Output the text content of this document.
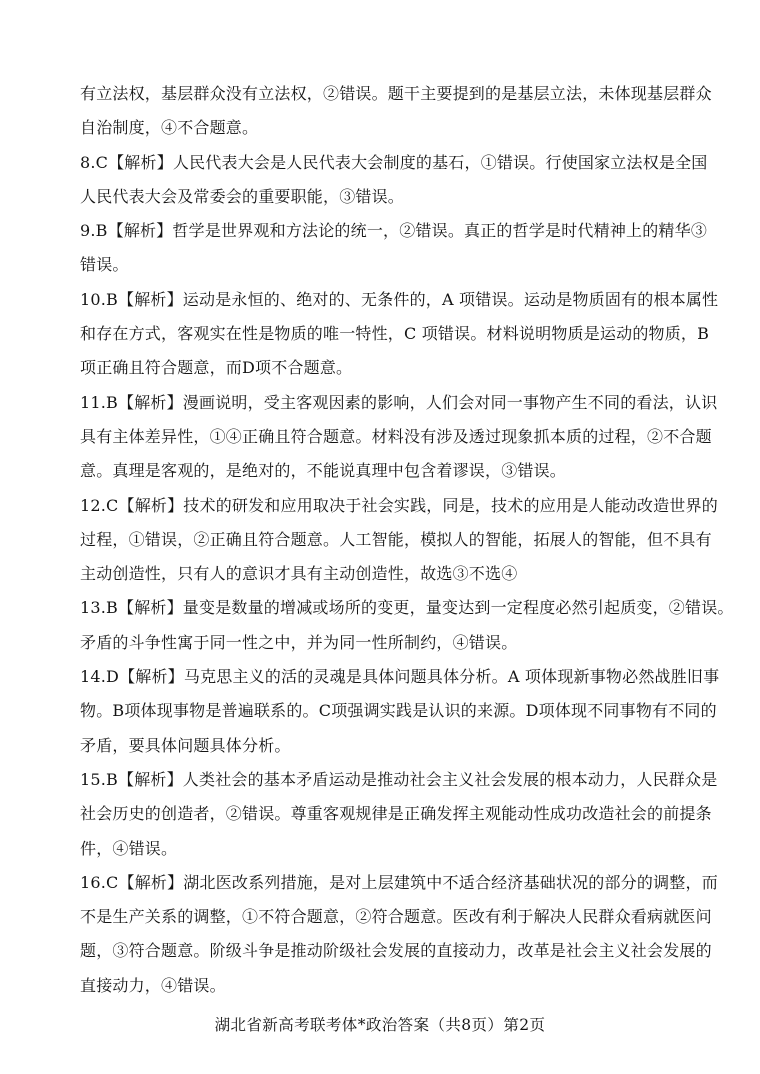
有立法权，基层群众没有立法权，②错误。题干主要提到的是基层立法，未体现基层群众
自治制度，④不合题意。
8.C【解析】人民代表大会是人民代表大会制度的基石，①错误。行使国家立法权是全国
人民代表大会及常委会的重要职能，③错误。
9.B【解析】哲学是世界观和方法论的统一，②错误。真正的哲学是时代精神上的精华③
错误。
10.B【解析】运动是永恒的、绝对的、无条件的，A 项错误。运动是物质固有的根本属性
和存在方式，客观实在性是物质的唯一特性，C 项错误。材料说明物质是运动的物质，B
项正确且符合题意，而D项不合题意。
11.B【解析】漫画说明，受主客观因素的影响，人们会对同一事物产生不同的看法，认识
具有主体差异性，①④正确且符合题意。材料没有涉及透过现象抓本质的过程，②不合题
意。真理是客观的，是绝对的，不能说真理中包含着谬误，③错误。
12.C【解析】技术的研发和应用取决于社会实践，同是，技术的应用是人能动改造世界的
过程，①错误，②正确且符合题意。人工智能，模拟人的智能，拓展人的智能，但不具有
主动创造性，只有人的意识才具有主动创造性，故选③不选④
13.B【解析】量变是数量的增减或场所的变更，量变达到一定程度必然引起质变，②错误。
矛盾的斗争性寓于同一性之中，并为同一性所制约，④错误。
14.D【解析】马克思主义的活的灵魂是具体问题具体分析。A 项体现新事物必然战胜旧事
物。B项体现事物是普遍联系的。C项强调实践是认识的来源。D项体现不同事物有不同的
矛盾，要具体问题具体分析。
15.B【解析】人类社会的基本矛盾运动是推动社会主义社会发展的根本动力，人民群众是
社会历史的创造者，②错误。尊重客观规律是正确发挥主观能动性成功改造社会的前提条
件，④错误。
16.C【解析】湖北医改系列措施，是对上层建筑中不适合经济基础状况的部分的调整，而
不是生产关系的调整，①不符合题意，②符合题意。医改有利于解决人民群众看病就医问
题，③符合题意。阶级斗争是推动阶级社会发展的直接动力，改革是社会主义社会发展的
直接动力，④错误。
湖北省新高考联考体*政治答案（共8页）第2页
